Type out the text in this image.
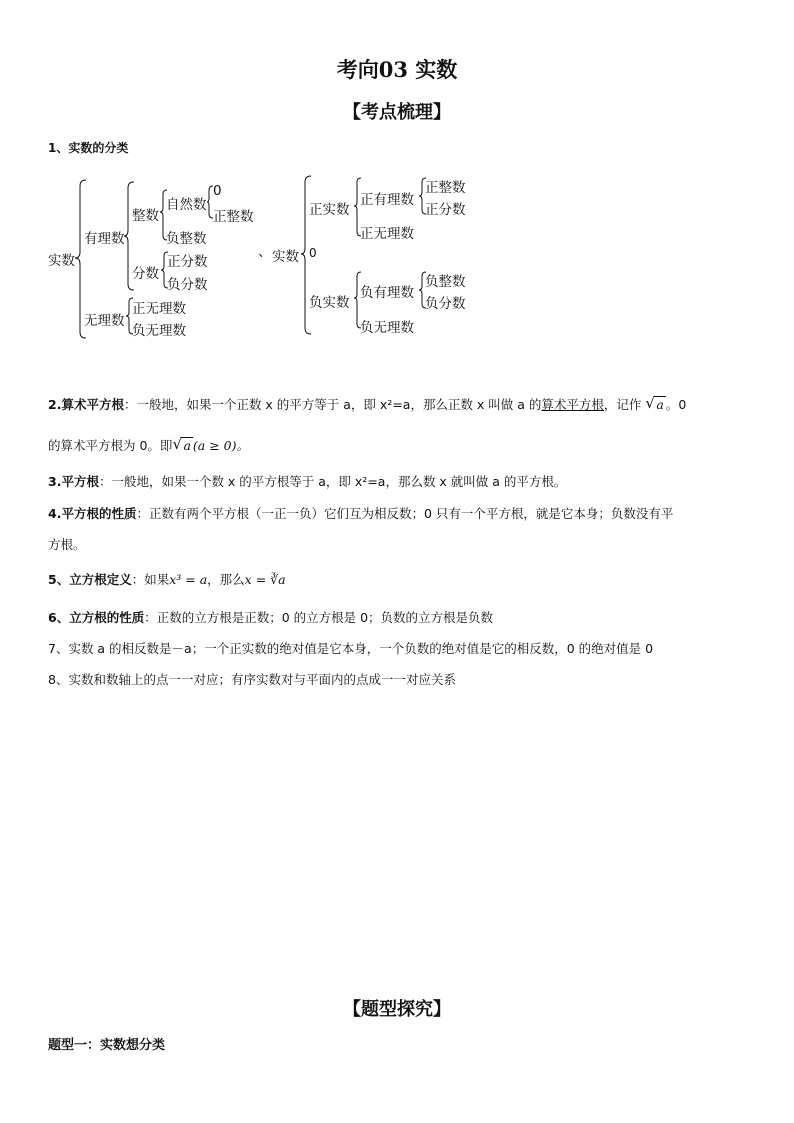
考向03 实数
【考点梳理】
1、实数的分类
实数
有理数
整数
自然数
0
正整数
负整数
分数
正分数
负分数
无理数
正无理数
负无理数
、 实数 0
正实数
正有理数
正整数
正分数
正无理数
负实数
负有理数
负整数
负分数
负无理数
2.算术平方根：一般地，如果一个正数 x 的平方等于 a，即 x²=a，那么正数 x 叫做 a 的算术平方根，记作 √ a 。0
的算术平方根为 0。即 √ a (a ≥ 0)。
3.平方根：一般地，如果一个数 x 的平方根等于 a，即 x²=a，那么数 x 就叫做 a 的平方根。
4.平方根的性质：正数有两个平方根（一正一负）它们互为相反数；0 只有一个平方根，就是它本身；负数没有平
方根。
5、立方根定义：如果x³ = a，那么x = ∛a
6、立方根的性质：正数的立方根是正数；0 的立方根是 0；负数的立方根是负数
7、实数 a 的相反数是－a；一个正实数的绝对值是它本身，一个负数的绝对值是它的相反数，0 的绝对值是 0
8、实数和数轴上的点一一对应；有序实数对与平面内的点成一一对应关系
【题型探究】
题型一：实数想分类
